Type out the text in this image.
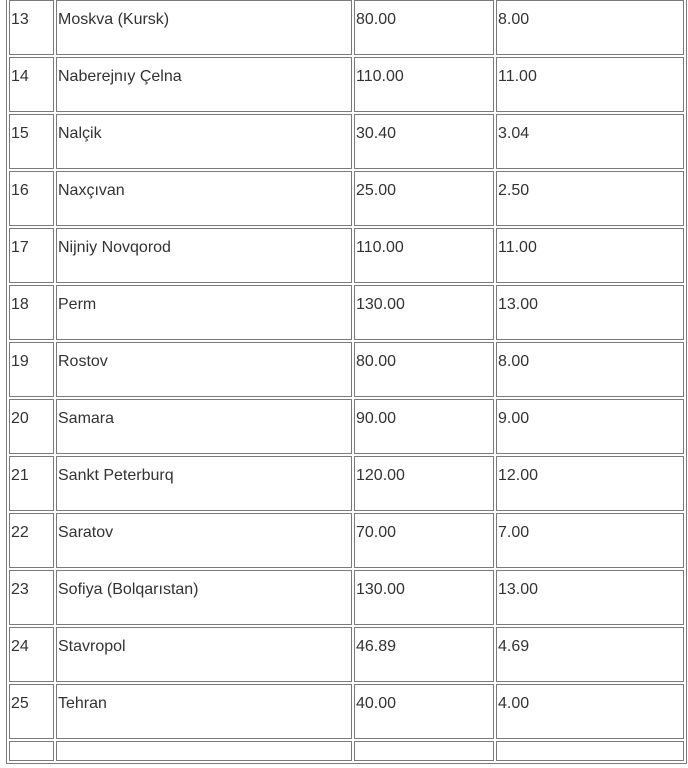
13	Moskva (Kursk)	80.00	8.00

14	Naberejnıy Çelna	110.00	11.00

15	Nalçik	30.40	3.04

16	Naxçıvan	25.00	2.50

17	Nijniy Novqorod	110.00	11.00

18	Perm	130.00	13.00

19	Rostov	80.00	8.00

20	Samara	90.00	9.00

21	Sankt Peterburq	120.00	12.00

22	Saratov	70.00	7.00

23	Sofiya (Bolqarıstan)	130.00	13.00

24	Stavropol	46.89	4.69

25	Tehran	40.00	4.00
